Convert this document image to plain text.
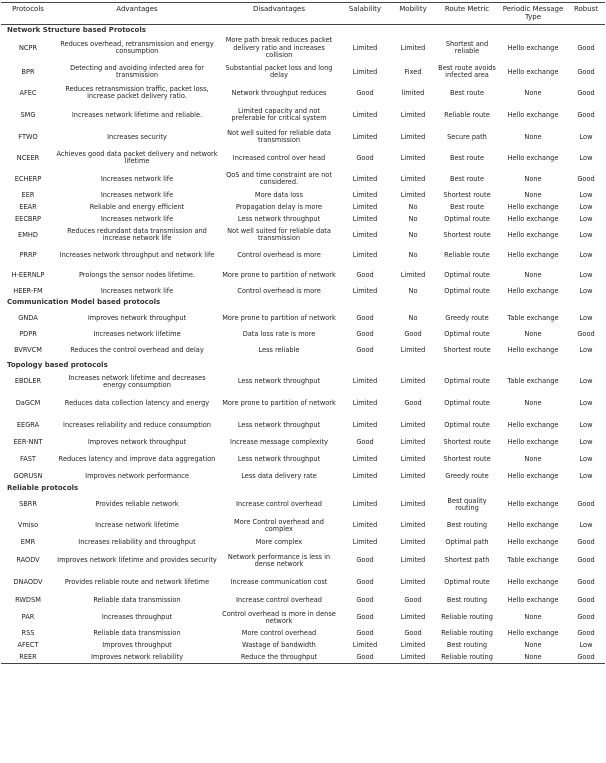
Protocols	Advantages	Disadvantages	Salability	Mobility	Route Metric	Periodic Message Type	Robust
Network Structure based Protocols							
NCPR	Reduces overhead, retransmission and energy consumption	More path break reduces packet delivery ratio and increases collision	Limited	Limited	Shortest and reliable	Hello exchange	Good
BPR	Detecting and avoiding infected area for transmission	Substantial packet loss and long delay	Limited	Fixed	Best route avoids infected area	Hello exchange	Good
AFEC	Reduces retransmission traffic, packet loss, increase packet delivery ratio.	Network throughput reduces	Good	limited	Best route	None	Good
SMG	Increases network lifetime and reliable.	Limited capacity and not preferable for critical system	Limited	Limited	Reliable route	Hello exchange	Good
FTWO	Increases security	Not well suited for reliable data transmission	Limited	Limited	Secure path	None	Low
NCEER	Achieves good data packet delivery and network lifetime	Increased control over head	Good	Limited	Best route	Hello exchange	Low
ECHERP	Increases network life	QoS and time constraint are not considered.	Limited	Limited	Best route	None	Good
EER	Increases network life	More data loss	Limited	Limited	Shortest route	None	Low
EEAR	Reliable and energy efficient	Propagation delay is more	Limited	No	Best route	Hello exchange	Low
EECBRP	Increases network life	Less network throughput	Limited	No	Optimal route	Hello exchange	Low
EMHD	Reduces redundant data transmission and increase network life	Not well suited for reliable data transmission	Limited	No	Shortest route	Hello exchange	Low
PRRP	Increases network throughput and network life	Control overhead is more	Limited	No	Reliable route	Hello exchange	Low
H-EERNLP	Prolongs the sensor nodes lifetime.	More prone to partition of network	Good	Limited	Optimal route	None	Low
HEER-FM	Increases network life	Control overhead is more	Limited	No	Optimal route	Hello exchange	Low
Communication Model based protocols							
GNDA	Improves network throughput	More prone to partition of network	Good	No	Greedy route	Table exchange	Low
PDPR	Increases network lifetime	Data loss rate is more	Good	Good	Optimal route	None	Good
BVRVCM	Reduces the control overhead and delay	Less reliable	Good	Limited	Shortest route	Hello exchange	Low
Topology based protocols							
EBDLER	Increases network lifetime and decreases energy consumption	Less network throughput	Limited	Limited	Optimal route	Table exchange	Low
DaGCM	Reduces data collection latency and energy	More prone to partition of network	Limited	Good	Optimal route	None	Low
EEGRA	Increases reliability and reduce consumption	Less network throughput	Limited	Limited	Optimal route	Hello exchange	Low
EER-NNT	Improves network throughput	Increase message complexity	Good	Limited	Shortest route	Hello exchange	Low
FAST	Reduces latency and improve data aggregation	Less network throughput	Limited	Limited	Shortest route	None	Low
GORUSN	Improves network performance	Less data delivery rate	Limited	Limited	Greedy route	Hello exchange	Low
Reliable protocols							
SBRR	Provides reliable network	Increase control overhead	Limited	Limited	Best quality routing	Hello exchange	Good
Vmiso	Increase network lifetime	More Control overhead and complex	Limited	Limited	Best routing	Hello exchange	Low
EMR	Increases reliability and throughput	More complex	Limited	Limited	Optimal path	Hello exchange	Good
RAODV	Improves network lifetime and provides security	Network performance is less in dense network	Good	Limited	Shortest path	Table exchange	Good
DNAODV	Provides reliable route and network lifetime	Increase communication cost	Good	Limited	Optimal route	Hello exchange	Good
RWDSM	Reliable data transmission	Increase control overhead	Good	Good	Best routing	Hello exchange	Good
PAR	Increases throughput	Control overhead is more in dense network	Good	Limited	Reliable routing	None	Good
RSS	Reliable data transmission	More control overhead	Good	Good	Reliable routing	Hello exchange	Good
AFECT	Improves throughput	Wastage of bandwidth	Limited	Limited	Best routing	None	Low
REER	Improves network reliability	Reduce the throughput	Good	Limited	Reliable routing	None	Good
